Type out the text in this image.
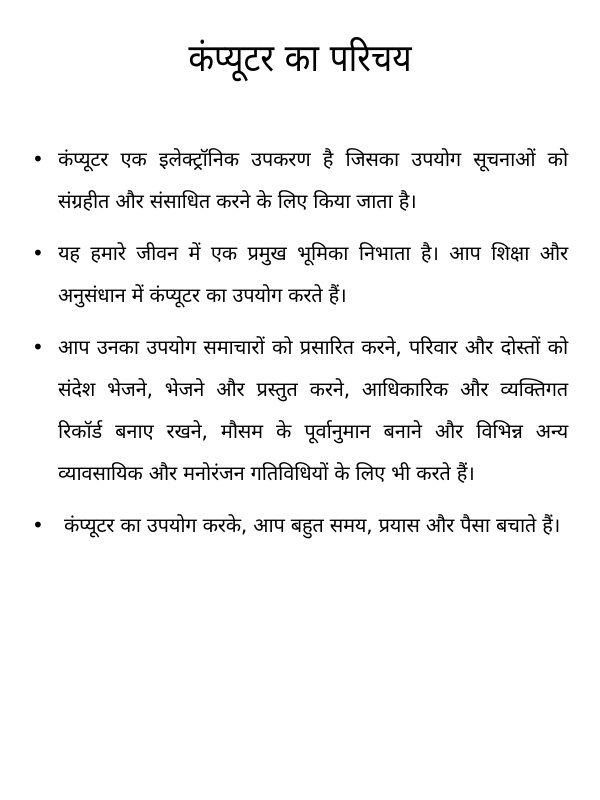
कंप्यूटर का परिचय
• कंप्यूटर एक इलेक्ट्रॉनिक उपकरण है जिसका उपयोग सूचनाओं को संग्रहीत और संसाधित करने के लिए किया जाता है।
• यह हमारे जीवन में एक प्रमुख भूमिका निभाता है। आप शिक्षा और अनुसंधान में कंप्यूटर का उपयोग करते हैं।
• आप उनका उपयोग समाचारों को प्रसारित करने, परिवार और दोस्तों को संदेश भेजने, भेजने और प्रस्तुत करने, आधिकारिक और व्यक्तिगत रिकॉर्ड बनाए रखने, मौसम के पूर्वानुमान बनाने और विभिन्न अन्य व्यावसायिक और मनोरंजन गतिविधियों के लिए भी करते हैं।
•	कंप्यूटर का उपयोग करके, आप बहुत समय, प्रयास और पैसा बचाते हैं।
